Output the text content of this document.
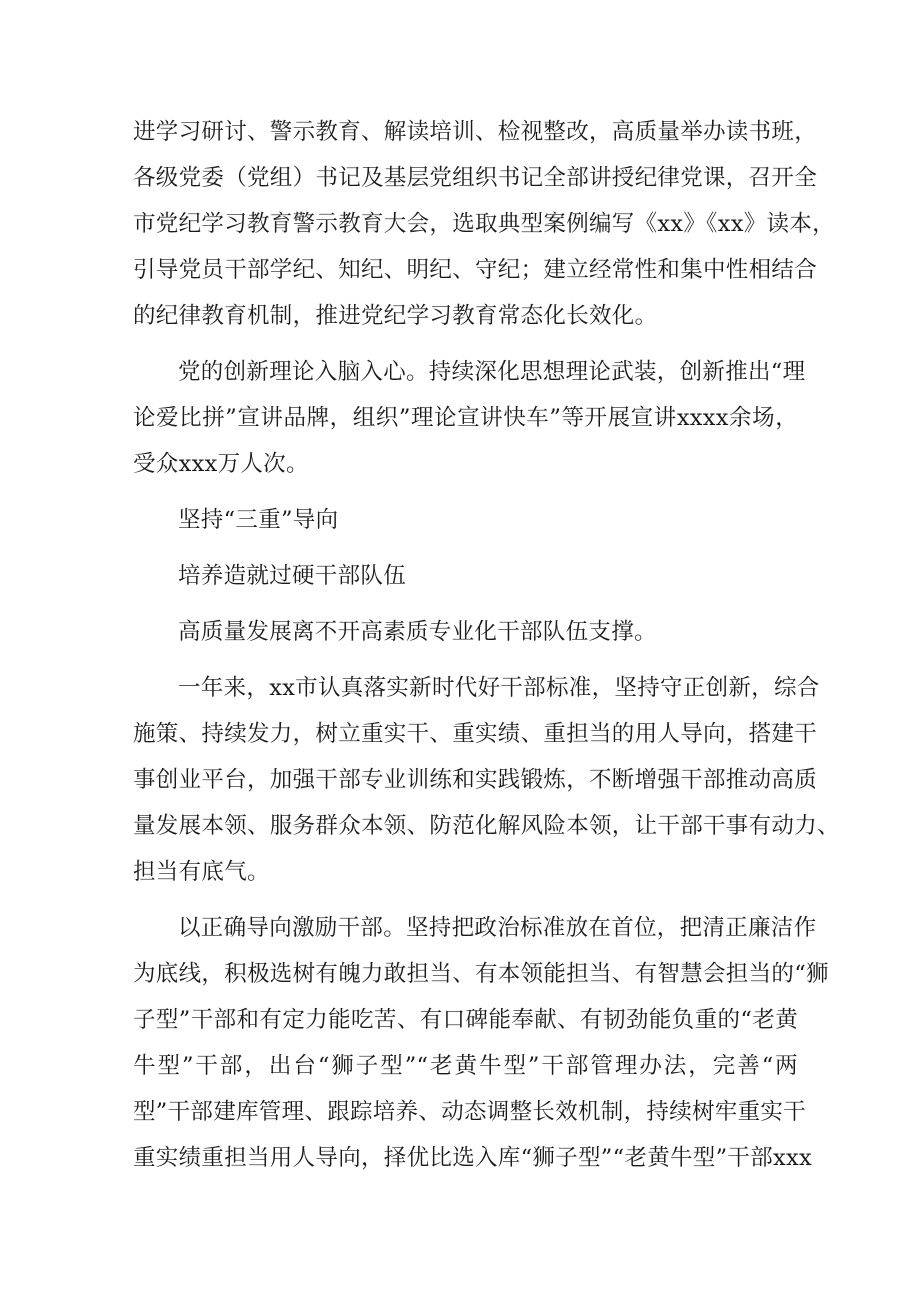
进学习研讨、警示教育、解读培训、检视整改，高质量举办读书班，
各级党委（党组）书记及基层党组织书记全部讲授纪律党课，召开全
市党纪学习教育警示教育大会，选取典型案例编写《xx》《xx》读本，
引导党员干部学纪、知纪、明纪、守纪；建立经常性和集中性相结合
的纪律教育机制，推进党纪学习教育常态化长效化。
党的创新理论入脑入心。持续深化思想理论武装，创新推出“理
论爱比拼”宣讲品牌，组织”理论宣讲快车”等开展宣讲xxxx余场，
受众xxx万人次。
坚持“三重”导向
培养造就过硬干部队伍
高质量发展离不开高素质专业化干部队伍支撑。
一年来，xx市认真落实新时代好干部标准，坚持守正创新，综合
施策、持续发力，树立重实干、重实绩、重担当的用人导向，搭建干
事创业平台，加强干部专业训练和实践锻炼，不断增强干部推动高质
量发展本领、服务群众本领、防范化解风险本领，让干部干事有动力、
担当有底气。
以正确导向激励干部。坚持把政治标准放在首位，把清正廉洁作
为底线，积极选树有魄力敢担当、有本领能担当、有智慧会担当的“狮
子型”干部和有定力能吃苦、有口碑能奉献、有韧劲能负重的“老黄
牛型”干部，出台“狮子型”“老黄牛型”干部管理办法，完善“两
型”干部建库管理、跟踪培养、动态调整长效机制，持续树牢重实干
重实绩重担当用人导向，择优比选入库“狮子型”“老黄牛型”干部xxx
